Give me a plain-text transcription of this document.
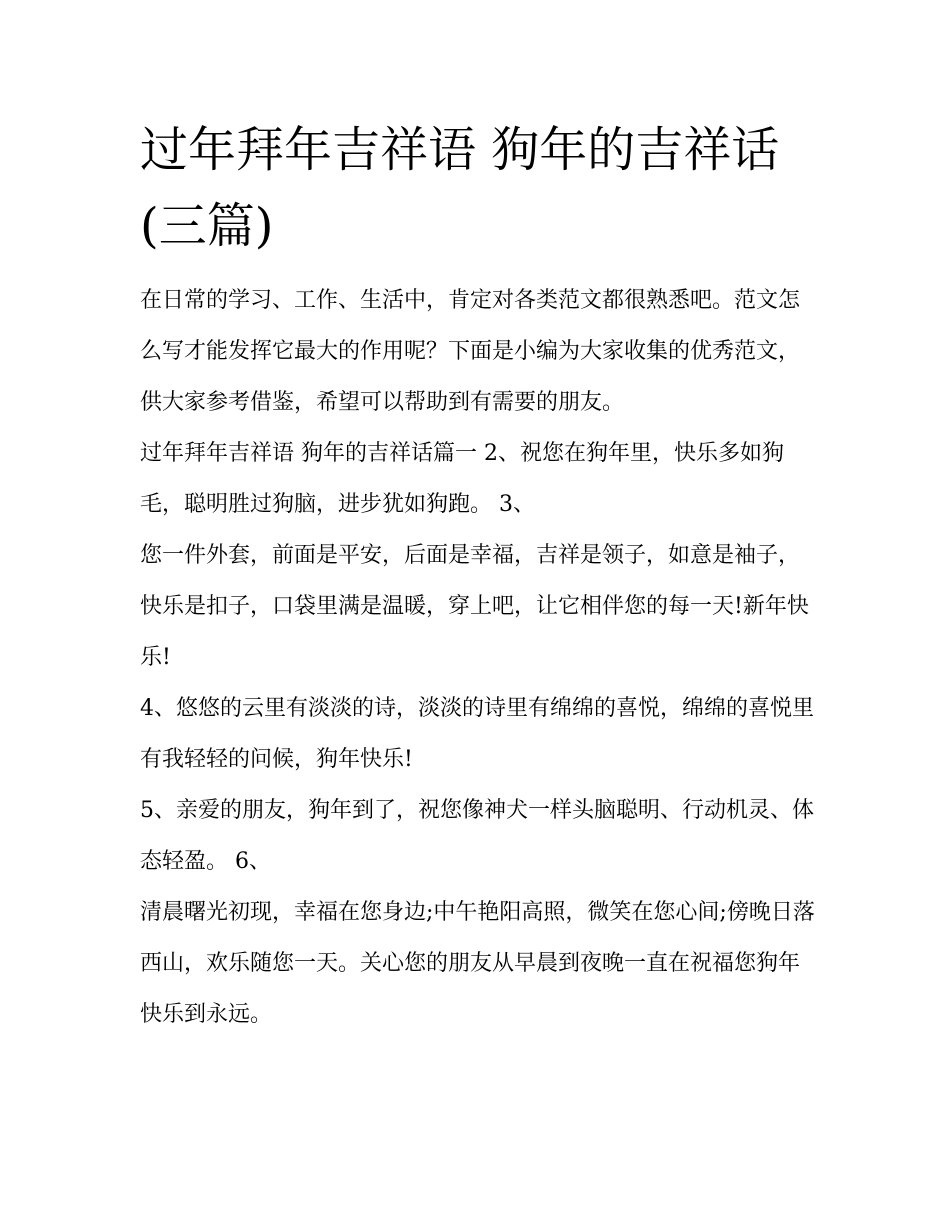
过年拜年吉祥语 狗年的吉祥话
(三篇)

在日常的学习、工作、生活中，肯定对各类范文都很熟悉吧。范文怎么写才能发挥它最大的作用呢？下面是小编为大家收集的优秀范文，供大家参考借鉴，希望可以帮助到有需要的朋友。

过年拜年吉祥语 狗年的吉祥话篇一 2、祝您在狗年里，快乐多如狗毛，聪明胜过狗脑，进步犹如狗跑。 3、

您一件外套，前面是平安，后面是幸福，吉祥是领子，如意是袖子，快乐是扣子，口袋里满是温暖，穿上吧，让它相伴您的每一天!新年快乐!

4、悠悠的云里有淡淡的诗，淡淡的诗里有绵绵的喜悦，绵绵的喜悦里有我轻轻的问候，狗年快乐!

5、亲爱的朋友，狗年到了，祝您像神犬一样头脑聪明、行动机灵、体态轻盈。 6、

清晨曙光初现，幸福在您身边;中午艳阳高照，微笑在您心间;傍晚日落西山，欢乐随您一天。关心您的朋友从早晨到夜晚一直在祝福您狗年快乐到永远。
